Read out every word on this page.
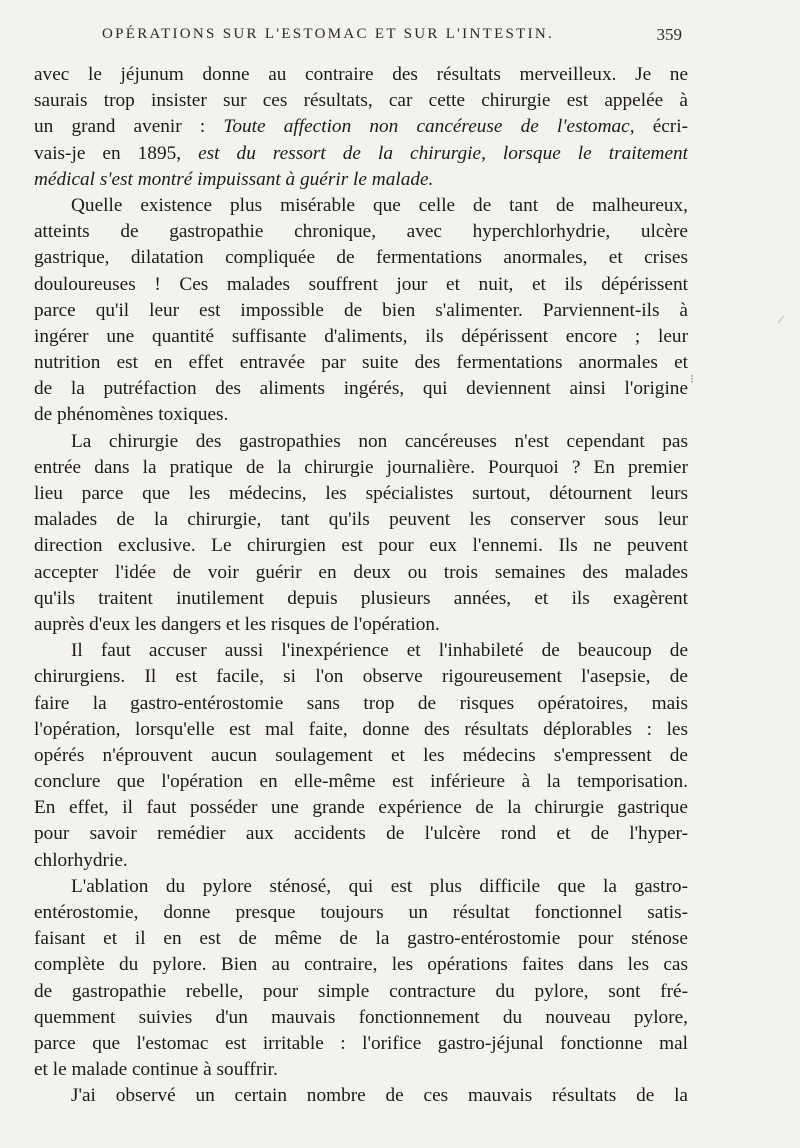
OPÉRATIONS SUR L'ESTOMAC ET SUR L'INTESTIN.	359
avec le jéjunum donne au contraire des résultats merveilleux. Je ne
saurais trop insister sur ces résultats, car cette chirurgie est appelée à
un grand avenir : Toute affection non cancéreuse de l'estomac, écri-
vais-je en 1895, est du ressort de la chirurgie, lorsque le traitement
médical s'est montré impuissant à guérir le malade.
Quelle existence plus misérable que celle de tant de malheureux,
atteints de gastropathie chronique, avec hyperchlorhydrie, ulcère
gastrique, dilatation compliquée de fermentations anormales, et crises
douloureuses ! Ces malades souffrent jour et nuit, et ils dépérissent
parce qu'il leur est impossible de bien s'alimenter. Parviennent-ils à
ingérer une quantité suffisante d'aliments, ils dépérissent encore ; leur
nutrition est en effet entravée par suite des fermentations anormales et
de la putréfaction des aliments ingérés, qui deviennent ainsi l'origine
de phénomènes toxiques.
La chirurgie des gastropathies non cancéreuses n'est cependant pas
entrée dans la pratique de la chirurgie journalière. Pourquoi ? En premier
lieu parce que les médecins, les spécialistes surtout, détournent leurs
malades de la chirurgie, tant qu'ils peuvent les conserver sous leur
direction exclusive. Le chirurgien est pour eux l'ennemi. Ils ne peuvent
accepter l'idée de voir guérir en deux ou trois semaines des malades
qu'ils traitent inutilement depuis plusieurs années, et ils exagèrent
auprès d'eux les dangers et les risques de l'opération.
Il faut accuser aussi l'inexpérience et l'inhabileté de beaucoup de
chirurgiens. Il est facile, si l'on observe rigoureusement l'asepsie, de
faire la gastro-entérostomie sans trop de risques opératoires, mais
l'opération, lorsqu'elle est mal faite, donne des résultats déplorables : les
opérés n'éprouvent aucun soulagement et les médecins s'empressent de
conclure que l'opération en elle-même est inférieure à la temporisation.
En effet, il faut posséder une grande expérience de la chirurgie gastrique
pour savoir remédier aux accidents de l'ulcère rond et de l'hyper-
chlorhydrie.
L'ablation du pylore sténosé, qui est plus difficile que la gastro-
entérostomie, donne presque toujours un résultat fonctionnel satis-
faisant et il en est de même de la gastro-entérostomie pour sténose
complète du pylore. Bien au contraire, les opérations faites dans les cas
de gastropathie rebelle, pour simple contracture du pylore, sont fré-
quemment suivies d'un mauvais fonctionnement du nouveau pylore,
parce que l'estomac est irritable : l'orifice gastro-jéjunal fonctionne mal
et le malade continue à souffrir.
J'ai observé un certain nombre de ces mauvais résultats de la
⁄
⁝
